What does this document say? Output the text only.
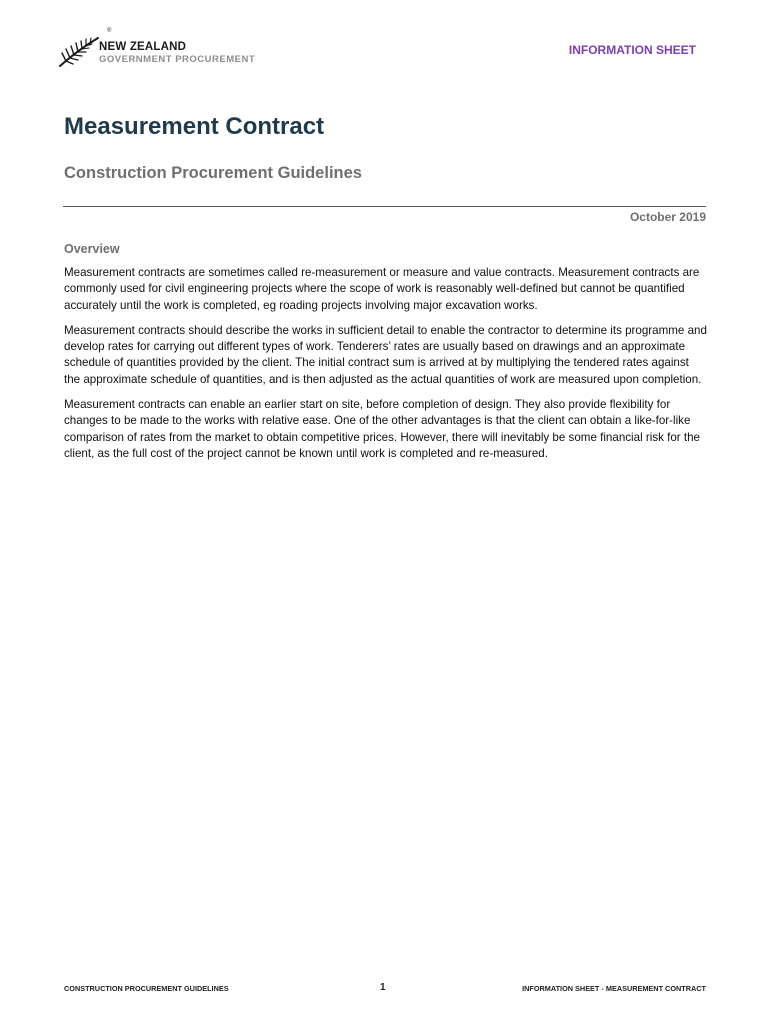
®
NEW ZEALAND
GOVERNMENT PROCUREMENT
INFORMATION SHEET
Measurement Contract
Construction Procurement Guidelines
October 2019
Overview

Measurement contracts are sometimes called re-measurement or measure and value contracts. Measurement contracts are commonly used for civil engineering projects where the scope of work is reasonably well-defined but cannot be quantified accurately until the work is completed, eg roading projects involving major excavation works.

Measurement contracts should describe the works in sufficient detail to enable the contractor to determine its programme and develop rates for carrying out different types of work. Tenderers’ rates are usually based on drawings and an approximate schedule of quantities provided by the client. The initial contract sum is arrived at by multiplying the tendered rates against the approximate schedule of quantities, and is then adjusted as the actual quantities of work are measured upon completion.

Measurement contracts can enable an earlier start on site, before completion of design. They also provide flexibility for changes to be made to the works with relative ease. One of the other advantages is that the client can obtain a like-for-like comparison of rates from the market to obtain competitive prices. However, there will inevitably be some financial risk for the client, as the full cost of the project cannot be known until work is completed and re-measured.

CONSTRUCTION PROCUREMENT GUIDELINES	1	INFORMATION SHEET - MEASUREMENT CONTRACT
